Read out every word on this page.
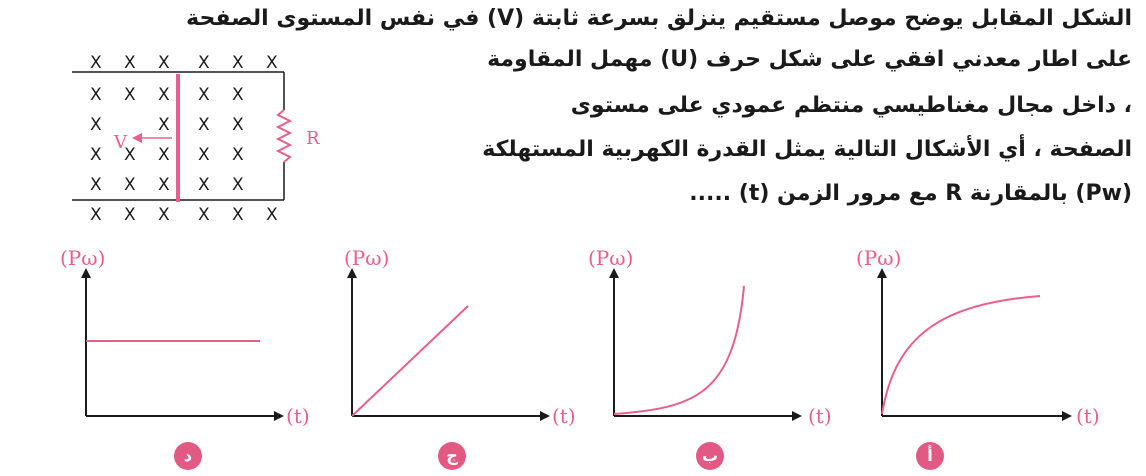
الشكل المقابل يوضح موصل مستقيم ينزلق بسرعة ثابتة (V) في نفس المستوى الصفحة
على اطار معدني افقي على شكل حرف (U) مهمل المقاومة
، داخل مجال مغناطيسي منتظم عمودي على مستوى
الصفحة ، أي الأشكال التالية يمثل القدرة الكهربية المستهلكة
(Pw) بالمقارنة R مع مرور الزمن (t) .....
R
V
X X X X X X
X X X X X
X	X X X
X X X X X
X X X X X
X X X X X X
(Pω)
(t)
د
(Pω)
(t)
ج
(Pω)
(t)
ب
(Pω)
(t)
أ
